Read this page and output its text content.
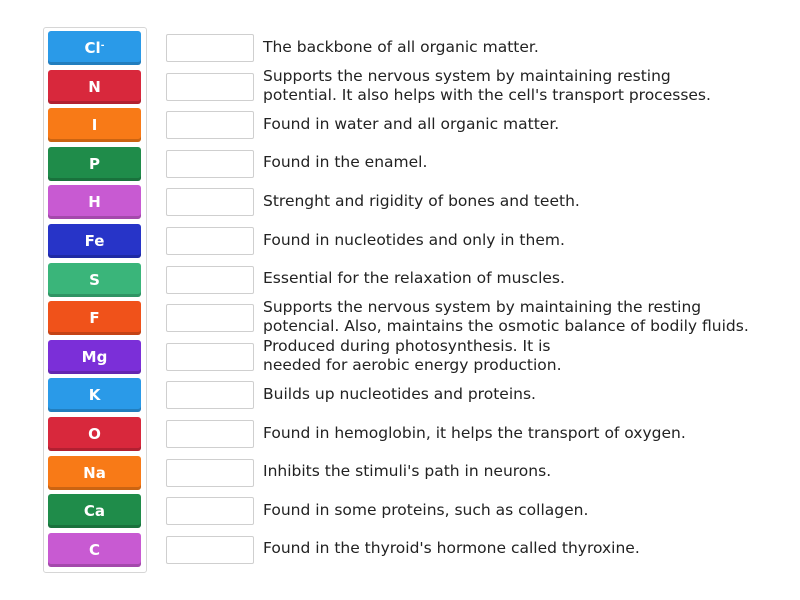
Cl-
N
I
P
H
Fe
S
F
Mg
K
O
Na
Ca
C
The backbone of all organic matter.
Supports the nervous system by maintaining resting
potential. It also helps with the cell's transport processes.
Found in water and all organic matter.
Found in the enamel.
Strenght and rigidity of bones and teeth.
Found in nucleotides and only in them.
Essential for the relaxation of muscles.
Supports the nervous system by maintaining the resting
potencial. Also, maintains the osmotic balance of bodily fluids.
Produced during photosynthesis. It is
needed for aerobic energy production.
Builds up nucleotides and proteins.
Found in hemoglobin, it helps the transport of oxygen.
Inhibits the stimuli's path in neurons.
Found in some proteins, such as collagen.
Found in the thyroid's hormone called thyroxine.
